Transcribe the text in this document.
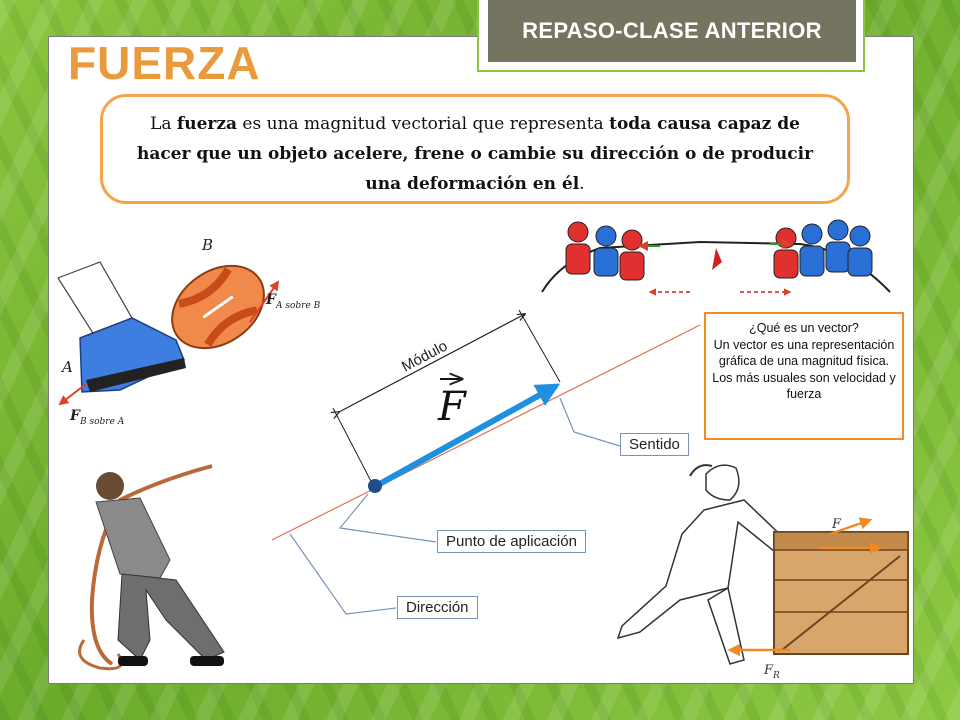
REPASO-CLASE ANTERIOR
FUERZA
La fuerza es una magnitud vectorial que representa toda causa capaz de hacer que un objeto acelere, frene o cambie su dirección o de producir una deformación en él.
Módulo
F
B
A
F A sobre B
F B sobre A
F
F R
Sentido
Punto de aplicación
Dirección
¿Qué es un vector?
Un vector es una representación gráfica de una magnitud física. Los más usuales son velocidad y fuerza
